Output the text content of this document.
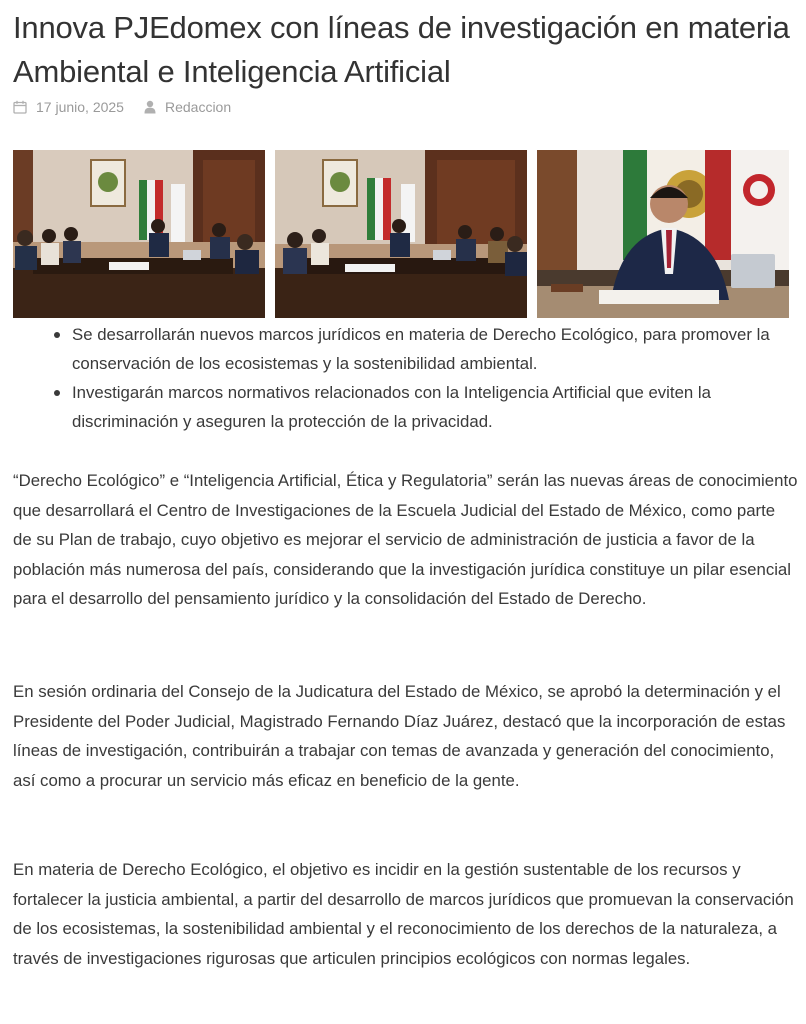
Innova PJEdomex con líneas de investigación en materia Ambiental e Inteligencia Artificial
17 junio, 2025	Redaccion
Se desarrollarán nuevos marcos jurídicos en materia de Derecho Ecológico, para promover la conservación de los ecosistemas y la sostenibilidad ambiental.
Investigarán marcos normativos relacionados con la Inteligencia Artificial que eviten la discriminación y aseguren la protección de la privacidad.

“Derecho Ecológico” e “Inteligencia Artificial, Ética y Regulatoria” serán las nuevas áreas de conocimiento que desarrollará el Centro de Investigaciones de la Escuela Judicial del Estado de México, como parte de su Plan de trabajo, cuyo objetivo es mejorar el servicio de administración de justicia a favor de la población más numerosa del país, considerando que la investigación jurídica constituye un pilar esencial para el desarrollo del pensamiento jurídico y la consolidación del Estado de Derecho.

En sesión ordinaria del Consejo de la Judicatura del Estado de México, se aprobó la determinación y el Presidente del Poder Judicial, Magistrado Fernando Díaz Juárez, destacó que la incorporación de estas líneas de investigación, contribuirán a trabajar con temas de avanzada y generación del conocimiento, así como a procurar un servicio más eficaz en beneficio de la gente.

En materia de Derecho Ecológico, el objetivo es incidir en la gestión sustentable de los recursos y fortalecer la justicia ambiental, a partir del desarrollo de marcos jurídicos que promuevan la conservación de los ecosistemas, la sostenibilidad ambiental y el reconocimiento de los derechos de la naturaleza, a través de investigaciones rigurosas que articulen principios ecológicos con normas legales.
